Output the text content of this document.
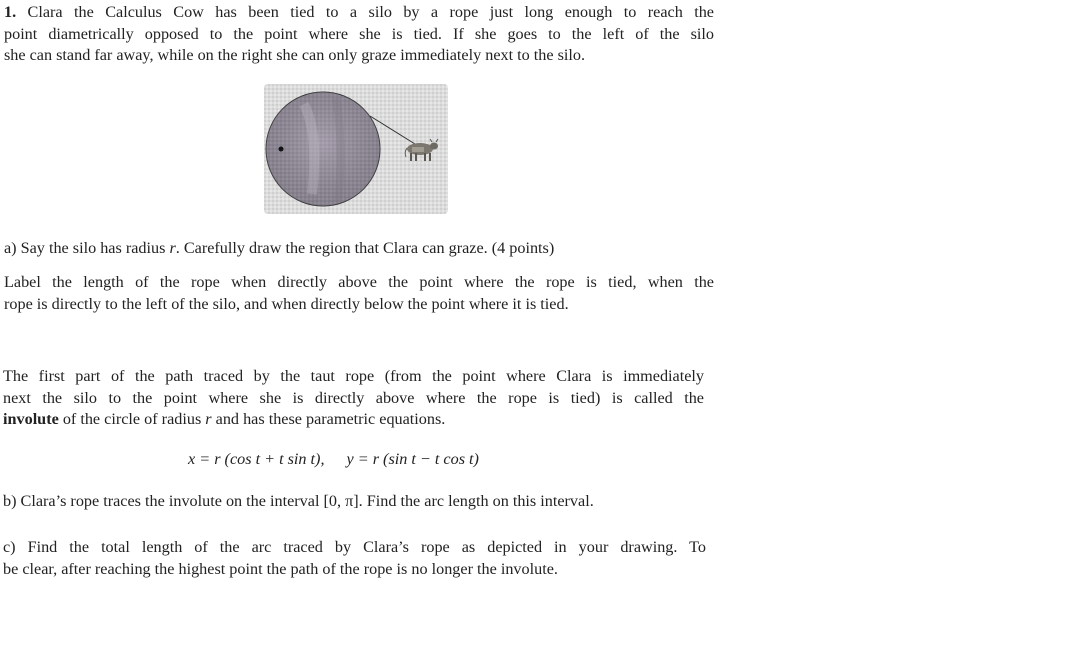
1. Clara the Calculus Cow has been tied to a silo by a rope just long enough to reach the
point diametrically opposed to the point where she is tied. If she goes to the left of the silo
she can stand far away, while on the right she can only graze immediately next to the silo.
a) Say the silo has radius r. Carefully draw the region that Clara can graze. (4 points)
Label the length of the rope when directly above the point where the rope is tied, when the
rope is directly to the left of the silo, and when directly below the point where it is tied.
The first part of the path traced by the taut rope (from the point where Clara is immediately
next the silo to the point where she is directly above where the rope is tied) is called the
involute of the circle of radius r and has these parametric equations.
x = r (cos t + t sin t), y = r (sin t − t cos t)
b) Clara’s rope traces the involute on the interval [0, π]. Find the arc length on this interval.
c) Find the total length of the arc traced by Clara’s rope as depicted in your drawing. To
be clear, after reaching the highest point the path of the rope is no longer the involute.
